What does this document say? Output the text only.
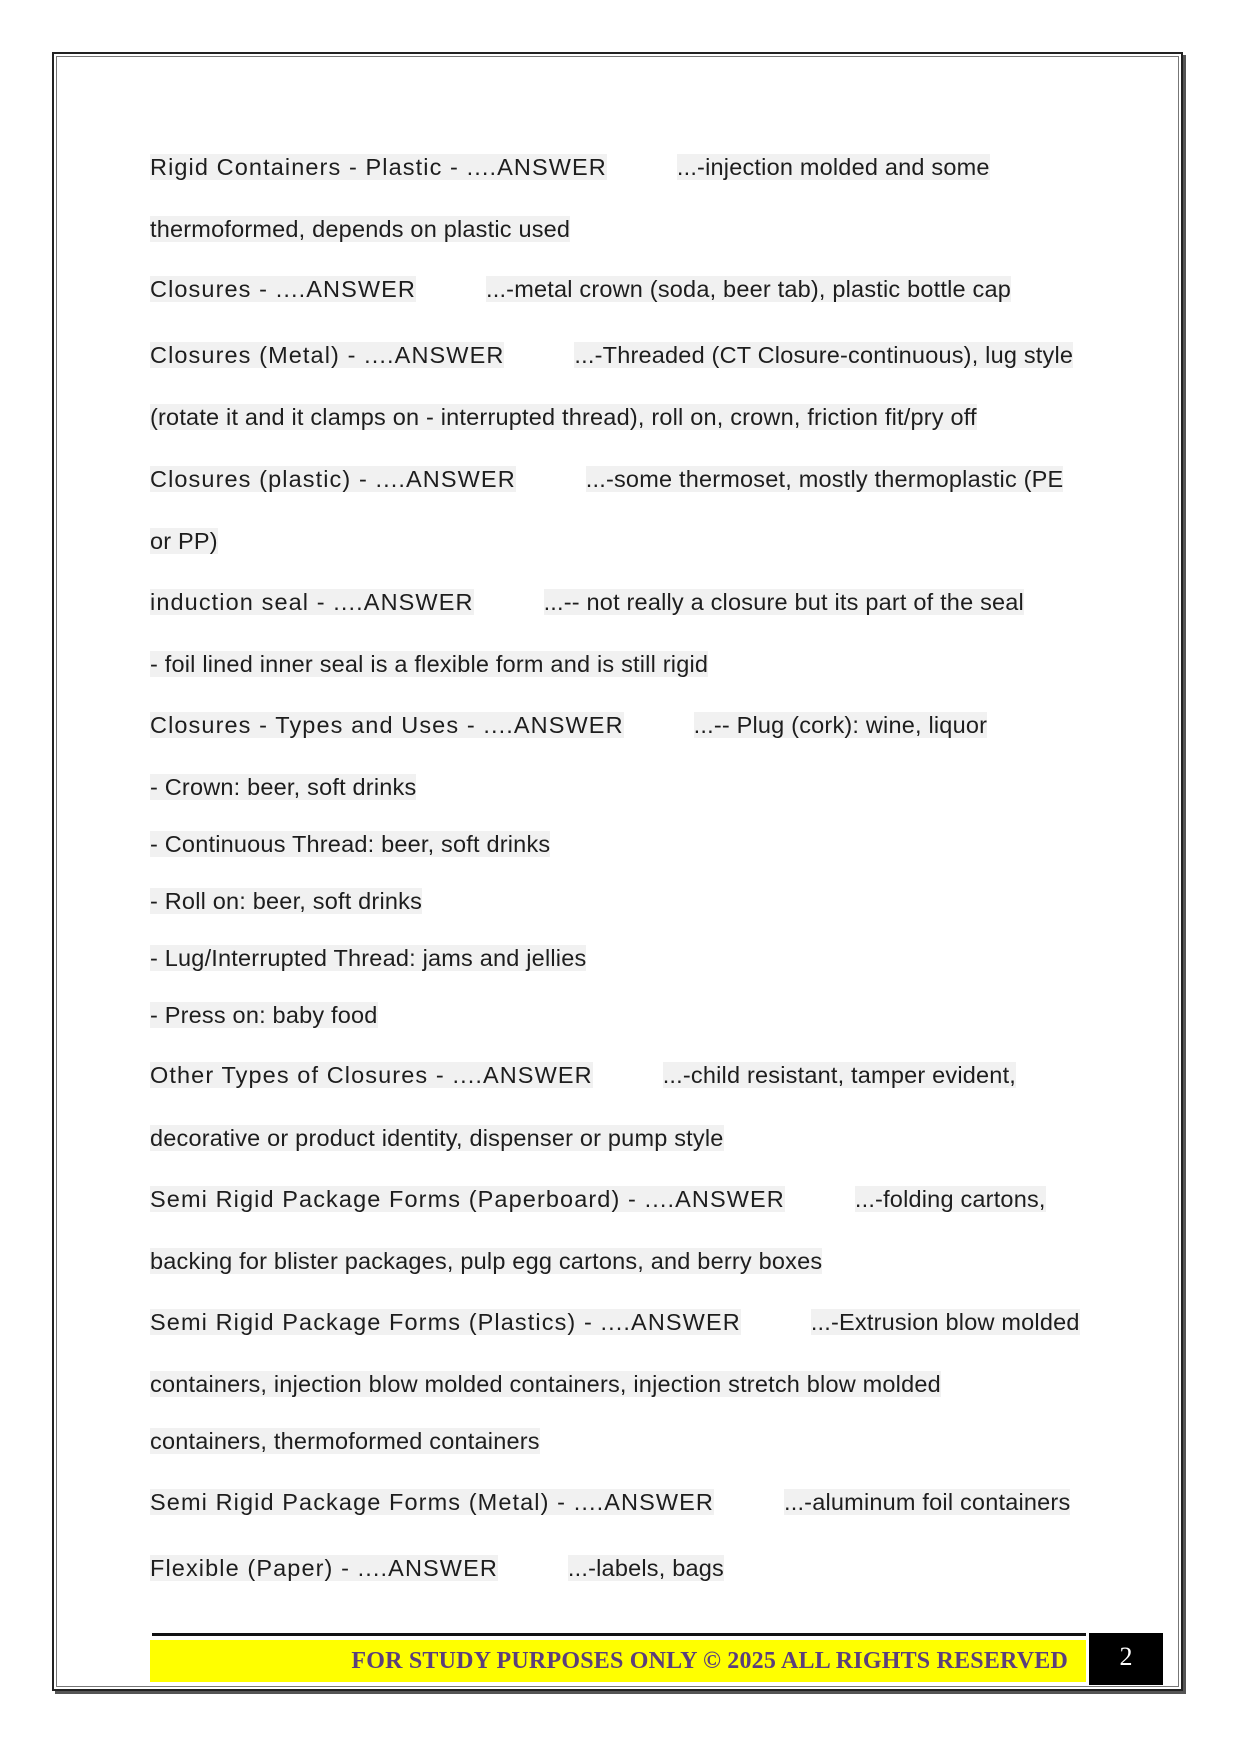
Rigid Containers - Plastic - ....ANSWER	...-injection molded and some
thermoformed, depends on plastic used
Closures - ....ANSWER	...-metal crown (soda, beer tab), plastic bottle cap
Closures (Metal) - ....ANSWER	...-Threaded (CT Closure-continuous), lug style
(rotate it and it clamps on - interrupted thread), roll on, crown, friction fit/pry off
Closures (plastic) - ....ANSWER	...-some thermoset, mostly thermoplastic (PE
or PP)
induction seal - ....ANSWER	...-- not really a closure but its part of the seal
- foil lined inner seal is a flexible form and is still rigid
Closures - Types and Uses - ....ANSWER	...-- Plug (cork): wine, liquor
- Crown: beer, soft drinks
- Continuous Thread: beer, soft drinks
- Roll on: beer, soft drinks
- Lug/Interrupted Thread: jams and jellies
- Press on: baby food
Other Types of Closures - ....ANSWER	...-child resistant, tamper evident,
decorative or product identity, dispenser or pump style
Semi Rigid Package Forms (Paperboard) - ....ANSWER	...-folding cartons,
backing for blister packages, pulp egg cartons, and berry boxes
Semi Rigid Package Forms (Plastics) - ....ANSWER	...-Extrusion blow molded
containers, injection blow molded containers, injection stretch blow molded
containers, thermoformed containers
Semi Rigid Package Forms (Metal) - ....ANSWER	...-aluminum foil containers
Flexible (Paper) - ....ANSWER	...-labels, bags
FOR STUDY PURPOSES ONLY © 2025 ALL RIGHTS RESERVED	2
